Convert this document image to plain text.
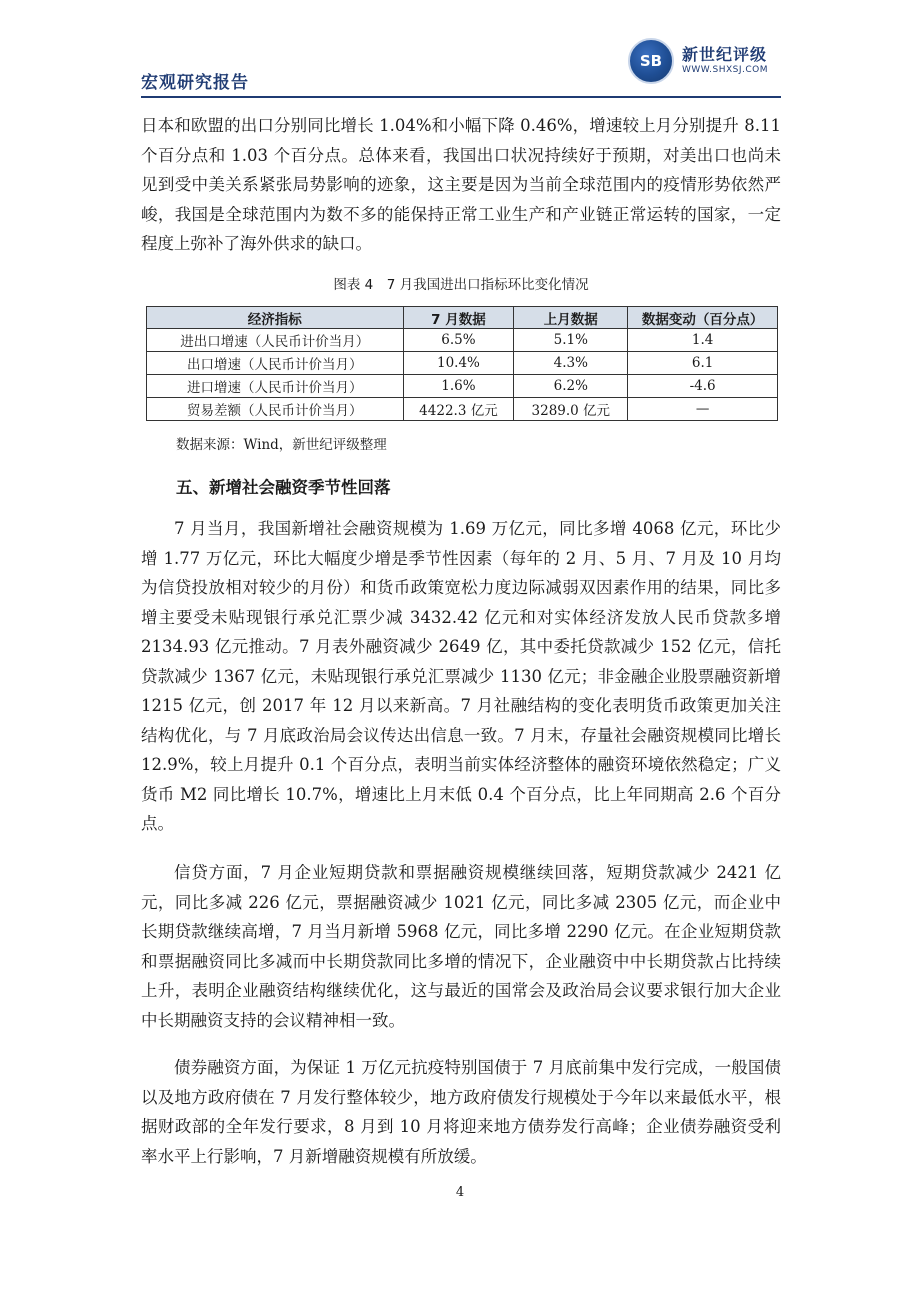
宏观研究报告
SB 新世纪评级
WWW.SHXSJ.COM

日本和欧盟的出口分别同比增长 1.04%和小幅下降 0.46%，增速较上月分别提升 8.11 个百分点和 1.03 个百分点。总体来看，我国出口状况持续好于预期，对美出口也尚未见到受中美关系紧张局势影响的迹象，这主要是因为当前全球范围内的疫情形势依然严峻，我国是全球范围内为数不多的能保持正常工业生产和产业链正常运转的国家，一定程度上弥补了海外供求的缺口。

图表 4　7 月我国进出口指标环比变化情况
经济指标	7 月数据	上月数据	数据变动（百分点）
进出口增速（人民币计价当月）	6.5%	5.1%	1.4
出口增速（人民币计价当月）	10.4%	4.3%	6.1
进口增速（人民币计价当月）	1.6%	6.2%	-4.6
贸易差额（人民币计价当月）	4422.3 亿元	3289.0 亿元	—
数据来源：Wind，新世纪评级整理
五、新增社会融资季节性回落

7 月当月，我国新增社会融资规模为 1.69 万亿元，同比多增 4068 亿元，环比少增 1.77 万亿元，环比大幅度少增是季节性因素（每年的 2 月、5 月、7 月及 10 月均为信贷投放相对较少的月份）和货币政策宽松力度边际减弱双因素作用的结果，同比多增主要受未贴现银行承兑汇票少减 3432.42 亿元和对实体经济发放人民币贷款多增 2134.93 亿元推动。7 月表外融资减少 2649 亿，其中委托贷款减少 152 亿元，信托贷款减少 1367 亿元，未贴现银行承兑汇票减少 1130 亿元；非金融企业股票融资新增 1215 亿元，创 2017 年 12 月以来新高。7 月社融结构的变化表明货币政策更加关注结构优化，与 7 月底政治局会议传达出信息一致。7 月末，存量社会融资规模同比增长 12.9%，较上月提升 0.1 个百分点，表明当前实体经济整体的融资环境依然稳定；广义货币 M2 同比增长 10.7%，增速比上月末低 0.4 个百分点，比上年同期高 2.6 个百分点。

信贷方面，7 月企业短期贷款和票据融资规模继续回落，短期贷款减少 2421 亿元，同比多减 226 亿元，票据融资减少 1021 亿元，同比多减 2305 亿元，而企业中长期贷款继续高增，7 月当月新增 5968 亿元，同比多增 2290 亿元。在企业短期贷款和票据融资同比多减而中长期贷款同比多增的情况下，企业融资中中长期贷款占比持续上升，表明企业融资结构继续优化，这与最近的国常会及政治局会议要求银行加大企业中长期融资支持的会议精神相一致。

债券融资方面，为保证 1 万亿元抗疫特别国债于 7 月底前集中发行完成，一般国债以及地方政府债在 7 月发行整体较少，地方政府债发行规模处于今年以来最低水平，根据财政部的全年发行要求，8 月到 10 月将迎来地方债券发行高峰；企业债券融资受利率水平上行影响，7 月新增融资规模有所放缓。

4
